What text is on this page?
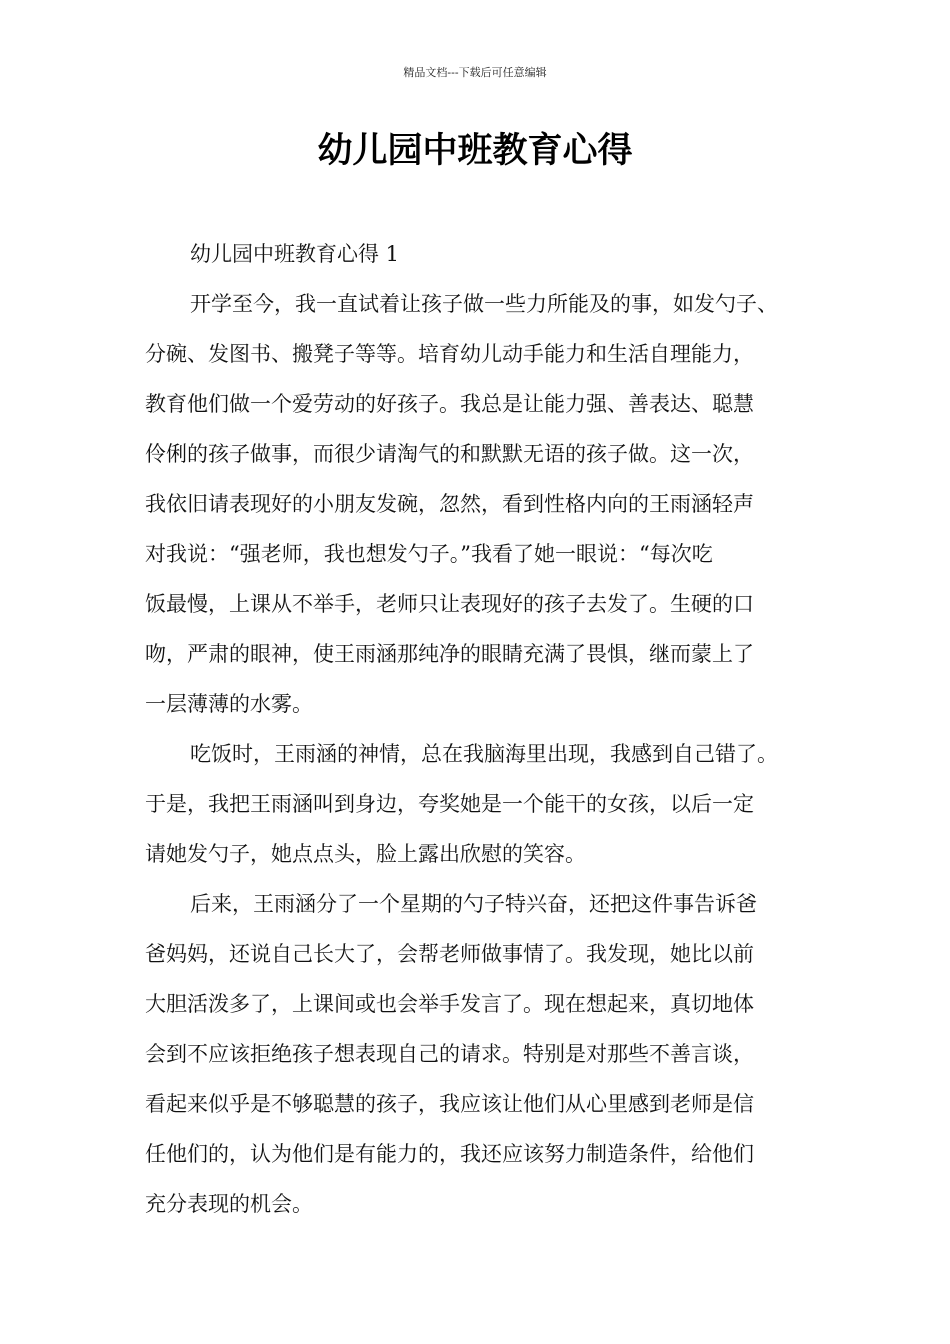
精品文档---下载后可任意编辑
幼儿园中班教育心得
幼儿园中班教育心得 1
开学至今，我一直试着让孩子做一些力所能及的事，如发勺子、
分碗、发图书、搬凳子等等。培育幼儿动手能力和生活自理能力，
教育他们做一个爱劳动的好孩子。我总是让能力强、善表达、聪慧
伶俐的孩子做事，而很少请淘气的和默默无语的孩子做。这一次，
我依旧请表现好的小朋友发碗，忽然，看到性格内向的王雨涵轻声
对我说：“强老师，我也想发勺子。”我看了她一眼说：“每次吃
饭最慢，上课从不举手，老师只让表现好的孩子去发了。生硬的口
吻，严肃的眼神，使王雨涵那纯净的眼睛充满了畏惧，继而蒙上了
一层薄薄的水雾。
吃饭时，王雨涵的神情，总在我脑海里出现，我感到自己错了。
于是，我把王雨涵叫到身边，夸奖她是一个能干的女孩，以后一定
请她发勺子，她点点头，脸上露出欣慰的笑容。
后来，王雨涵分了一个星期的勺子特兴奋，还把这件事告诉爸
爸妈妈，还说自己长大了，会帮老师做事情了。我发现，她比以前
大胆活泼多了，上课间或也会举手发言了。现在想起来，真切地体
会到不应该拒绝孩子想表现自己的请求。特别是对那些不善言谈，
看起来似乎是不够聪慧的孩子，我应该让他们从心里感到老师是信
任他们的，认为他们是有能力的，我还应该努力制造条件，给他们
充分表现的机会。
